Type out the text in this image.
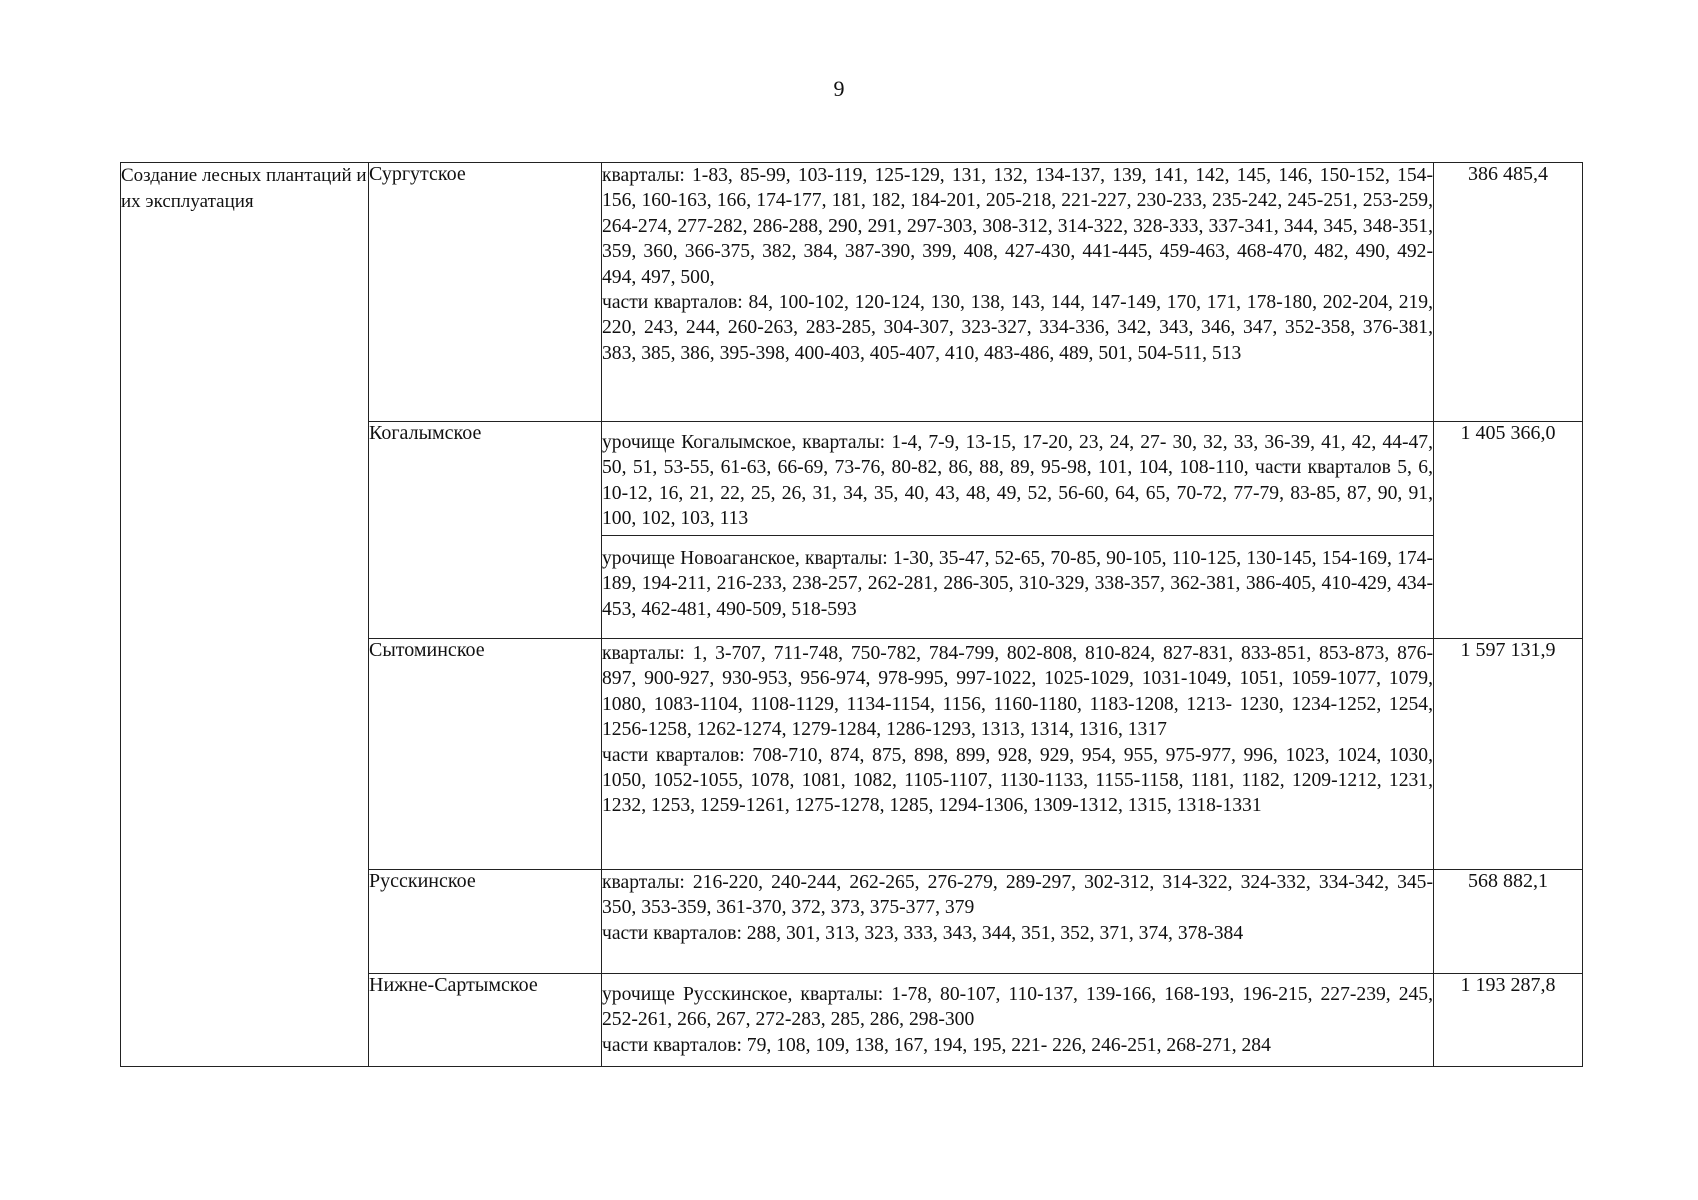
9
Создание лесных плантаций и их эксплуатация	Сургутское	кварталы: 1-83, 85-99, 103-119, 125-129, 131, 132, 134-137, 139, 141, 142, 145, 146, 150-152, 154-156, 160-163, 166, 174-177, 181, 182, 184-201, 205-218, 221-227, 230-233, 235-242, 245-251, 253-259, 264-274, 277-282, 286-288, 290, 291, 297-303, 308-312, 314-322, 328-333, 337-341, 344, 345, 348-351, 359, 360, 366-375, 382, 384, 387-390, 399, 408, 427-430, 441-445, 459-463, 468-470, 482, 490, 492-494, 497, 500,
части кварталов: 84, 100-102, 120-124, 130, 138, 143, 144, 147-149, 170, 171, 178-180, 202-204, 219, 220, 243, 244, 260-263, 283-285, 304-307, 323-327, 334-336, 342, 343, 346, 347, 352-358, 376-381, 383, 385, 386, 395-398, 400-403, 405-407, 410, 483-486, 489, 501, 504-511, 513	386 485,4
	Когалымское	урочище Когалымское, кварталы: 1-4, 7-9, 13-15, 17-20, 23, 24, 27- 30, 32, 33, 36-39, 41, 42, 44-47, 50, 51, 53-55, 61-63, 66-69, 73-76, 80-82, 86, 88, 89, 95-98, 101, 104, 108-110, части кварталов 5, 6, 10-12, 16, 21, 22, 25, 26, 31, 34, 35, 40, 43, 48, 49, 52, 56-60, 64, 65, 70-72, 77-79, 83-85, 87, 90, 91, 100, 102, 103, 113	1 405 366,0

		урочище Новоаганское, кварталы: 1-30, 35-47, 52-65, 70-85, 90-105, 110-125, 130-145, 154-169, 174-189, 194-211, 216-233, 238-257, 262-281, 286-305, 310-329, 338-357, 362-381, 386-405, 410-429, 434-453, 462-481, 490-509, 518-593	

	Сытоминское	кварталы: 1, 3-707, 711-748, 750-782, 784-799, 802-808, 810-824, 827-831, 833-851, 853-873, 876-897, 900-927, 930-953, 956-974, 978-995, 997-1022, 1025-1029, 1031-1049, 1051, 1059-1077, 1079, 1080, 1083-1104, 1108-1129, 1134-1154, 1156, 1160-1180, 1183-1208, 1213- 1230, 1234-1252, 1254, 1256-1258, 1262-1274, 1279-1284, 1286-1293, 1313, 1314, 1316, 1317
части кварталов: 708-710, 874, 875, 898, 899, 928, 929, 954, 955, 975-977, 996, 1023, 1024, 1030, 1050, 1052-1055, 1078, 1081, 1082, 1105-1107, 1130-1133, 1155-1158, 1181, 1182, 1209-1212, 1231, 1232, 1253, 1259-1261, 1275-1278, 1285, 1294-1306, 1309-1312, 1315, 1318-1331	1 597 131,9
	Русскинское	кварталы: 216-220, 240-244, 262-265, 276-279, 289-297, 302-312, 314-322, 324-332, 334-342, 345-350, 353-359, 361-370, 372, 373, 375-377, 379
части кварталов: 288, 301, 313, 323, 333, 343, 344, 351, 352, 371, 374, 378-384	568 882,1
	Нижне-Сартымское	урочище Русскинское, кварталы: 1-78, 80-107, 110-137, 139-166, 168-193, 196-215, 227-239, 245, 252-261, 266, 267, 272-283, 285, 286, 298-300
части кварталов: 79, 108, 109, 138, 167, 194, 195, 221- 226, 246-251, 268-271, 284	1 193 287,8
